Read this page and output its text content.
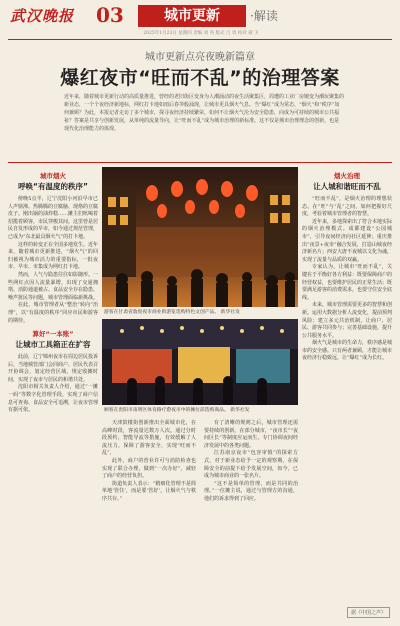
武汉晚报 03	城市更新	·解读
2025年1月23日 星期四 责编 刘 英 版式 吕 勇 校对 聂 卫
城市更新点亮夜晚新篇章
爆红夜市“旺而不乱”的治理答案
近年来，随着城市更新行动的高质量推进，曾经的老旧街区变身为人潮涌动的夜生活聚集区，周遭的工业厂房嬗变为潮玩聚集的新业态，一个个夜经济新地标，网红打卡地如雨后春笋般涌现，让城市更具烟火气息。当“爆红”成为常态，“烟火”和“秩序”如何兼顾？为此，本报记者走访了多个城市，探寻夜经济持续繁荣，如何不让烟火气沦为安全隐患，向成为可持续的城市公共福祉？答案是共享与创新发展，从单纯的流量导向，让“旺而不乱”成为城市治理的新标准。这不仅是城市治理理念的创新，也是现代化治理能力的体现。
城市烟火
呼唤“有温度的秩序”

傍晚5点半，辽宁沈阳小河沿早市已人声鼎沸。热腾腾的豆腐脑、现烙的豆腐皮子、刚出锅的油炸糕……摊主们吆喝着招揽着顾客，市民穿梭其间。这里曾是居民自发形成的早市，如今通过规范管理，已成为“东北最具烟火气”的打卡地。

这样的转变正在全国多地发生。近年来，随着城市更新推进，“烟火气”的回归被视为城市活力的重要指标，一批夜市、早市、市集成为网红打卡地。

然而，人气与隐患往往如影随形。一些网红点因人流量暴增，出现了交通拥堵、消防通道被占、食品安全存在隐患、噪声扰民等问题，城市管理面临新挑战。

在此，城市管理者从“整治”转向“治理”，以“有温度的秩序”回应市民和游客的期待。

算好“一本账”
让城市工具箱正在扩容

此前，辽宁锦州夜市在周边居民投诉后，当地城管部门会同商户、居民代表召开协调会，划定经营区域、规定收摊时间，实现了夜市与居民的和谐共处。

沈阳市相关负责人介绍，通过“一摊一码”等数字化管理手段，实现了商户信息可查询、食品安全可追溯，让夜市管理有据可依。

游客在甘肃省敦煌夜市商业街游览选购特色文创产品。 新华社发
顾客在贵阳市南明区体育路疗愈夜市中的摊位前选购商品。 新华社发

天津鼓楼街创新推出全面城市化，在高峰时段，客流量达数万人次。通过分时段预约、智能导流等措施，有效缓解了人流压力，保障了游客安全，实现“旺而不乱”。

此外，商户的营业许可与消防检查也实现了联合办理，做到“一次办好”，减轻了商户的经营负担。

街道负责人表示：“精细化管理不是简单地‘管住’，而是要‘管好’，让烟火气与秩序共存。”

有了清晰的规则之后，城市管理还需要持续的创新。在部分城市，“夜市长”“夜间区长”等制度应运而生，专门协调夜间经济发展中的各类问题。

江苏南京夜市“包容审慎”的探索方式，对于新业态给予一定的观察期，在保障安全的前提下给予发展空间，如今，已成为城市商业的一张名片。

“这不是简单的管理，而是共同的治理。”一位摊主说，通过与管理方的沟通，他们的诉求得到了回应。

烟火治理
让人城和谐旺而不乱

“旺而不乱”，是烟火治理的理想状态。在“旺”与“乱”之间，如何把握好尺度，考验着城市管理者的智慧。

近年来，多地探索出了符合本地实际的烟火治理模式。成都建设“公园城市”，引导夜间经济向社区延伸；重庆推出“夜景+夜市”融合发展，打造山城夜经济新名片；西安大唐不夜城以文化为魂，实现了流量与品质的双赢。

专家认为，让城市“旺而不乱”，关键在于平衡好各方利益：既要保障商户的经营权益，也要维护居民的正常生活；既要满足游客的消费需求，也要守住安全底线。

未来，城市管理需要更多的智慧和创新。运用大数据分析人流变化，提前预判风险；建立多元共治机制，让商户、居民、游客共同参与；完善基础设施，提升公共服务水平。

烟火气是城市的生命力，秩序感是城市的安全感。只有两者兼顾，才能让城市夜经济行稳致远，让“爆红”成为长红。

据《中国之声》
